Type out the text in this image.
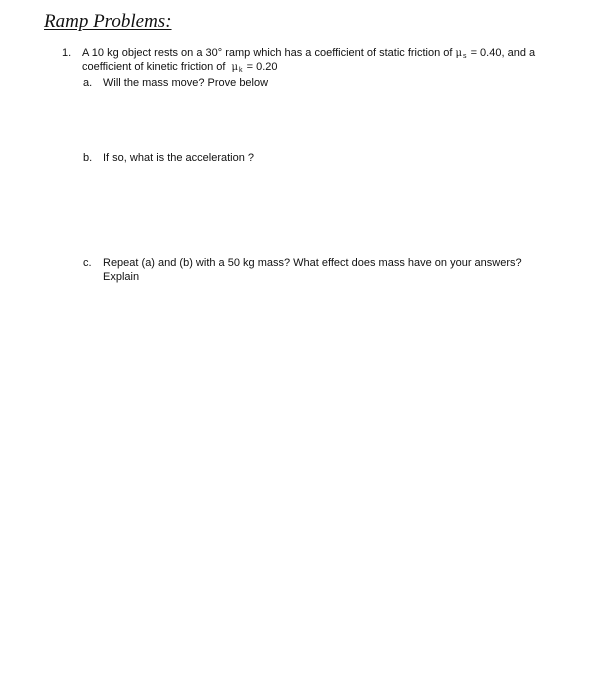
Ramp Problems:
1. A 10 kg object rests on a 30° ramp which has a coefficient of static friction of $\mu_s = 0.40$, and a
coefficient of kinetic friction of $\mu_k = 0.20$
a. Will the mass move? Prove below
b. If so, what is the acceleration ?
c. Repeat (a) and (b) with a 50 kg mass? What effect does mass have on your answers?
Explain
